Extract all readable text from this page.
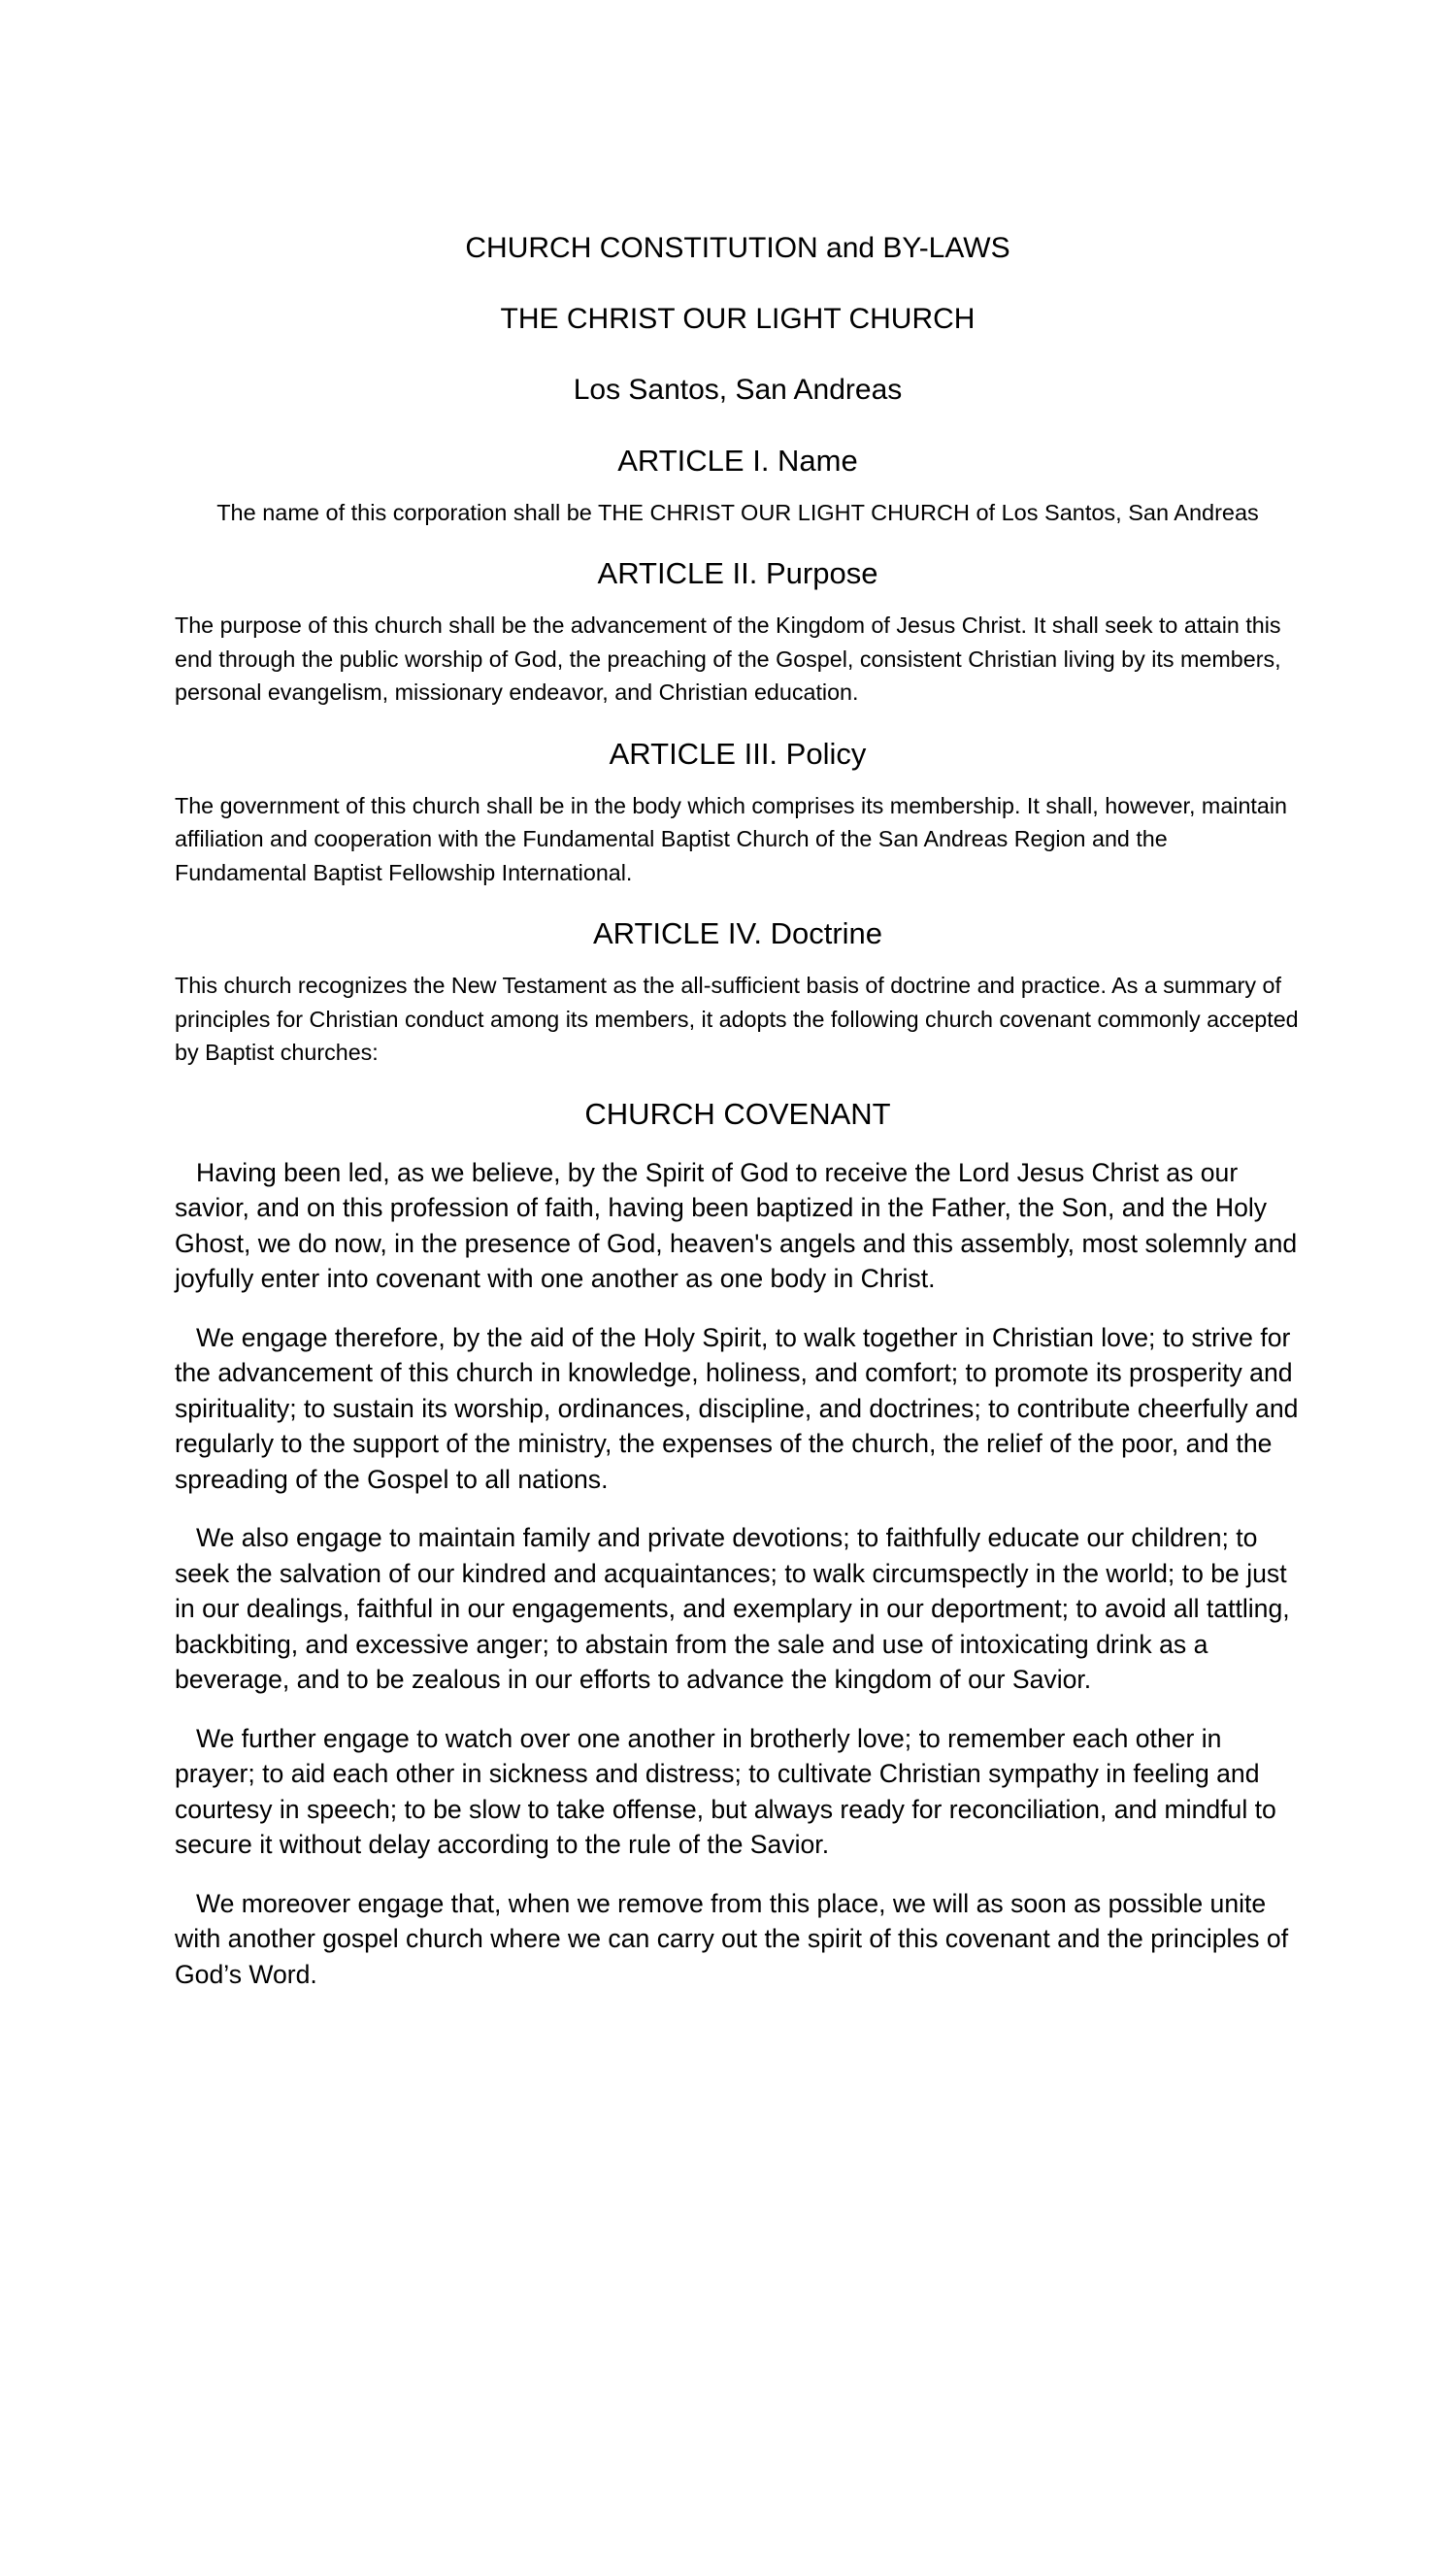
CHURCH CONSTITUTION and BY-LAWS
THE CHRIST OUR LIGHT CHURCH
Los Santos, San Andreas
ARTICLE I. Name

The name of this corporation shall be THE CHRIST OUR LIGHT CHURCH of Los Santos, San Andreas

ARTICLE II. Purpose

The purpose of this church shall be the advancement of the Kingdom of Jesus Christ. It shall seek to attain this end through the public worship of God, the preaching of the Gospel, consistent Christian living by its members, personal evangelism, missionary endeavor, and Christian education.

ARTICLE III. Policy

The government of this church shall be in the body which comprises its membership. It shall, however, maintain affiliation and cooperation with the Fundamental Baptist Church of the San Andreas Region and the Fundamental Baptist Fellowship International.

ARTICLE IV. Doctrine

This church recognizes the New Testament as the all-sufficient basis of doctrine and practice. As a summary of principles for Christian conduct among its members, it adopts the following church covenant commonly accepted by Baptist churches:

CHURCH COVENANT

Having been led, as we believe, by the Spirit of God to receive the Lord Jesus Christ as our savior, and on this profession of faith, having been baptized in the Father, the Son, and the Holy Ghost, we do now, in the presence of God, heaven's angels and this assembly, most solemnly and joyfully enter into covenant with one another as one body in Christ.

We engage therefore, by the aid of the Holy Spirit, to walk together in Christian love; to strive for the advancement of this church in knowledge, holiness, and comfort; to promote its prosperity and spirituality; to sustain its worship, ordinances, discipline, and doctrines; to contribute cheerfully and regularly to the support of the ministry, the expenses of the church, the relief of the poor, and the spreading of the Gospel to all nations.

We also engage to maintain family and private devotions; to faithfully educate our children; to seek the salvation of our kindred and acquaintances; to walk circumspectly in the world; to be just in our dealings, faithful in our engagements, and exemplary in our deportment; to avoid all tattling, backbiting, and excessive anger; to abstain from the sale and use of intoxicating drink as a beverage, and to be zealous in our efforts to advance the kingdom of our Savior.

We further engage to watch over one another in brotherly love; to remember each other in prayer; to aid each other in sickness and distress; to cultivate Christian sympathy in feeling and courtesy in speech; to be slow to take offense, but always ready for reconciliation, and mindful to secure it without delay according to the rule of the Savior.

We moreover engage that, when we remove from this place, we will as soon as possible unite with another gospel church where we can carry out the spirit of this covenant and the principles of God’s Word.
